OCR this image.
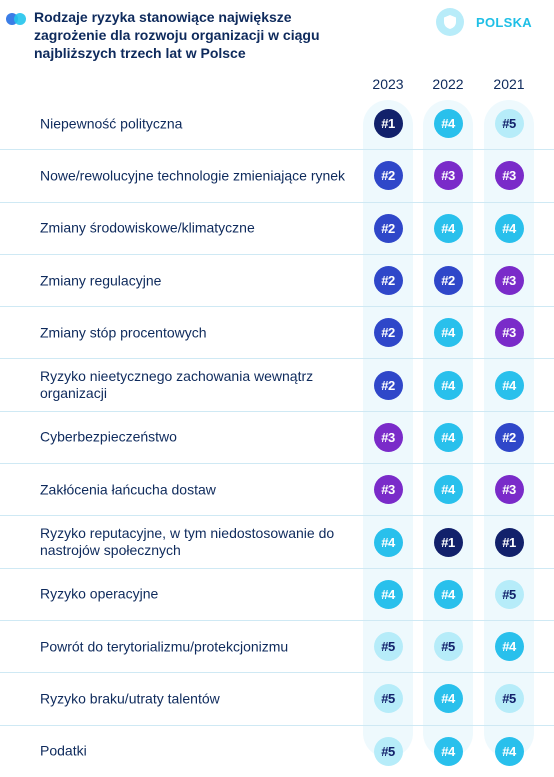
Rodzaje ryzyka stanowiące największe zagrożenie dla rozwoju organizacji w ciągu najbliższych trzech lat w Polsce
POLSKA
2023	2022	2021
Niepewność polityczna	#1	#4	#5
Nowe/rewolucyjne technologie zmieniające rynek	#2	#3	#3
Zmiany środowiskowe/klimatyczne	#2	#4	#4
Zmiany regulacyjne	#2	#2	#3
Zmiany stóp procentowych	#2	#4	#3
Ryzyko nieetycznego zachowania wewnątrz organizacji	#2	#4	#4
Cyberbezpieczeństwo	#3	#4	#2
Zakłócenia łańcucha dostaw	#3	#4	#3
Ryzyko reputacyjne, w tym niedostosowanie do nastrojów społecznych	#4	#1	#1
Ryzyko operacyjne	#4	#4	#5
Powrót do terytorializmu/protekcjonizmu	#5	#5	#4
Ryzyko braku/utraty talentów	#5	#4	#5
Podatki	#5	#4	#4
